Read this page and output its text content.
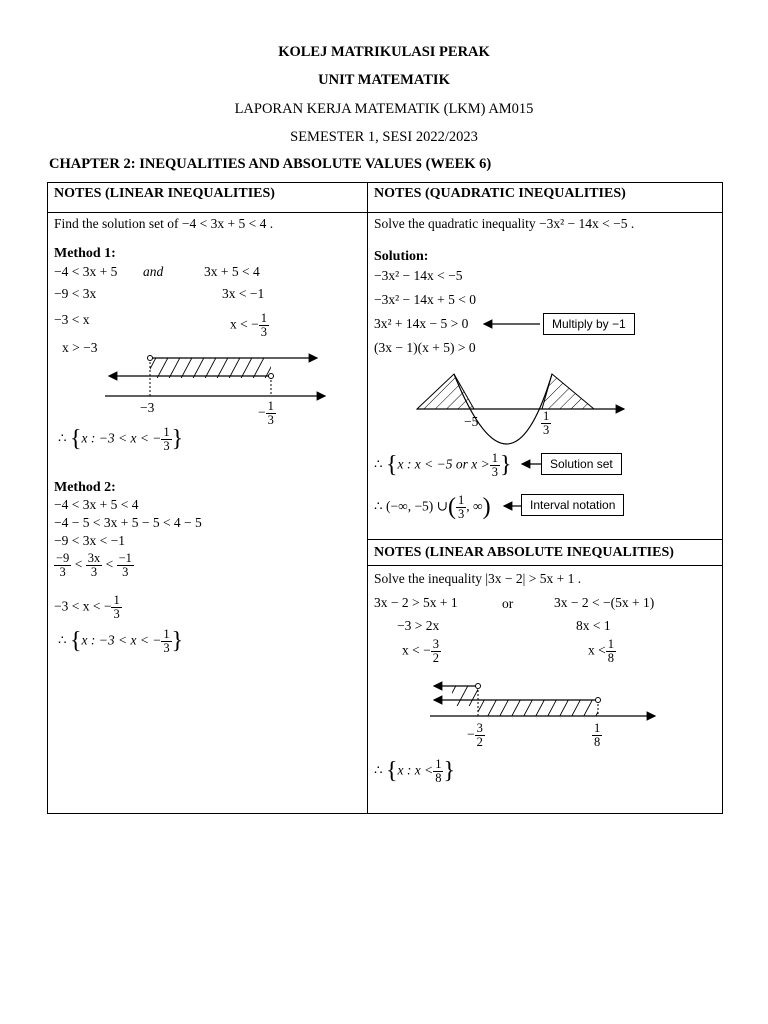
KOLEJ MATRIKULASI PERAK
UNIT MATEMATIK
LAPORAN KERJA MATEMATIK (LKM) AM015
SEMESTER 1, SESI 2022/2023
CHAPTER 2: INEQUALITIES AND ABSOLUTE VALUES (WEEK 6)
NOTES (LINEAR INEQUALITIES)	NOTES (QUADRATIC INEQUALITIES)
NOTES (LINEAR ABSOLUTE INEQUALITIES)
Find the solution set of −4 < 3x + 5 < 4 .
Method 1:
−4 < 3x + 5 and	3x + 5 < 4
−9 < 3x	3x < −1
−3 < x	x < − $\frac{1}{3}$
x > −3
−3	− $\frac{1}{3}$
∴ {x : −3 < x < − $\frac{1}{3}$ }
Method 2:
−4 < 3x + 5 < 4
−4 − 5 < 3x + 5 − 5 < 4 − 5
−9 < 3x < −1
$\frac{-9}{3} < \frac{3x}{3} < \frac{-1}{3}$
−3 < x < − $\frac{1}{3}$
∴ {x : −3 < x < − $\frac{1}{3}$ }
Solve the quadratic inequality −3x² − 14x < −5 .
Solution:
−3x² − 14x < −5
−3x² − 14x + 5 < 0
3x² + 14x − 5 > 0
(3x − 1)(x + 5) > 0
Multiply by −1
−5	$\frac{1}{3}$
∴ {x : x < −5 or $x > \frac{1}{3}$ }	Solution set
∴ (−∞, −5) ∪( $\frac{1}{3}$ , ∞)	Interval notation
Solve the inequality |3x − 2| > 5x + 1 .
3x − 2 > 5x + 1	or	3x − 2 < −(5x + 1)
−3 > 2x	8x < 1
x < − $\frac{3}{2}$	$x < \frac{1}{8}$
− $\frac{3}{2}$	$\frac{1}{8}$
∴ {x : $x < \frac{1}{8}$ }
